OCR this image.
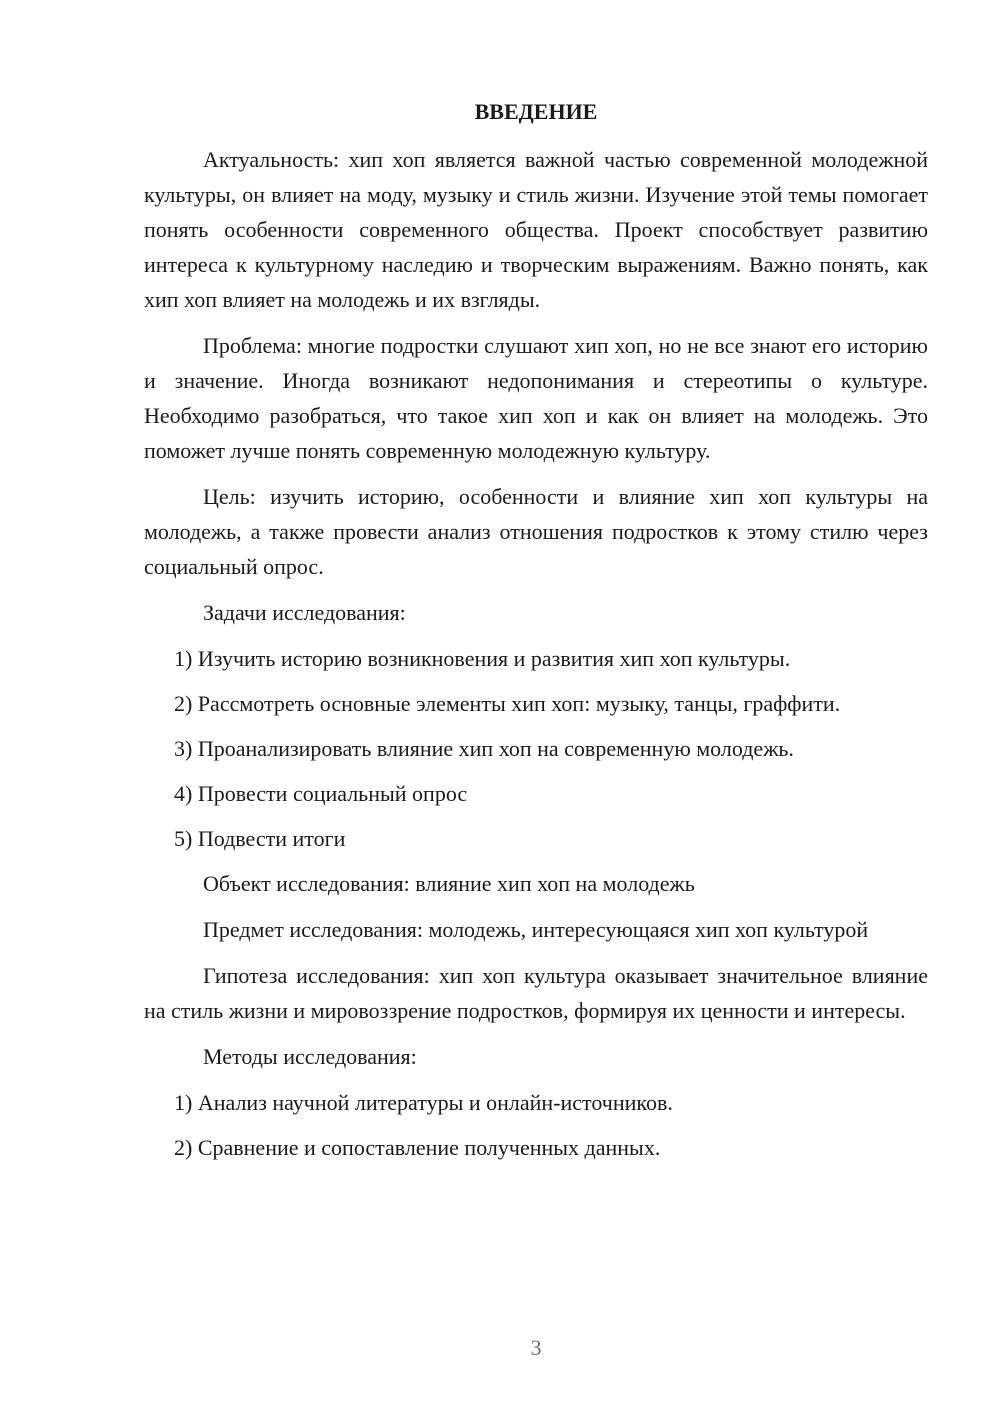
ВВЕДЕНИЕ

Актуальность: хип хоп является важной частью современной молодежной культуры, он влияет на моду, музыку и стиль жизни. Изучение этой темы помогает понять особенности современного общества. Проект способствует развитию интереса к культурному наследию и творческим выражениям. Важно понять, как хип хоп влияет на молодежь и их взгляды.

Проблема: многие подростки слушают хип хоп, но не все знают его историю и значение. Иногда возникают недопонимания и стереотипы о культуре. Необходимо разобраться, что такое хип хоп и как он влияет на молодежь. Это поможет лучше понять современную молодежную культуру.

Цель: изучить историю, особенности и влияние хип хоп культуры на молодежь, а также провести анализ отношения подростков к этому стилю через социальный опрос.

Задачи исследования:

1) Изучить историю возникновения и развития хип хоп культуры.

2) Рассмотреть основные элементы хип хоп: музыку, танцы, граффити.

3) Проанализировать влияние хип хоп на современную молодежь.

4) Провести социальный опрос

5) Подвести итоги

Объект исследования: влияние хип хоп на молодежь

Предмет исследования: молодежь, интересующаяся хип хоп культурой

Гипотеза исследования: хип хоп культура оказывает значительное влияние на стиль жизни и мировоззрение подростков, формируя их ценности и интересы.

Методы исследования:

1) Анализ научной литературы и онлайн-источников.

2) Сравнение и сопоставление полученных данных.

3
